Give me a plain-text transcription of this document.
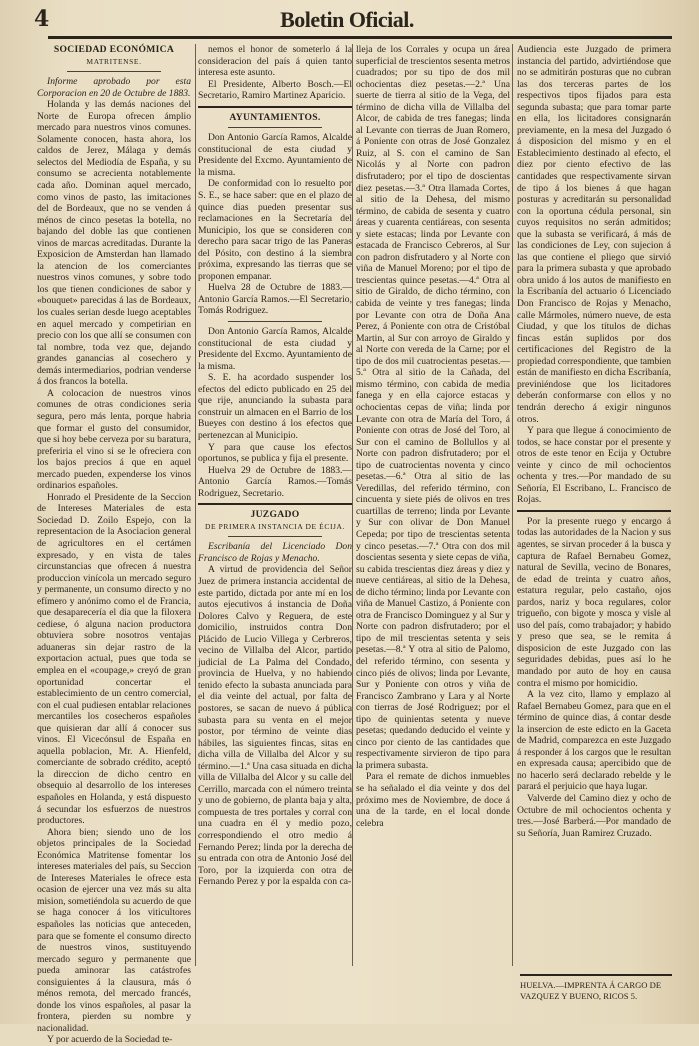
4	Boletin Oficial.

SOCIEDAD ECONÓMICA

MATRITENSE.

Informe aprobado por esta Corporacion en 20 de Octubre de 1883.

Holanda y las demás naciones del Norte de Europa ofrecen ámplio mercado para nuestros vinos comunes. Solamente conocen, hasta ahora, los caldos de Jerez, Málaga y demás selectos del Mediodía de España, y su consumo se acrecienta notablemente cada año. Dominan aquel mercado, como vinos de pasto, las imitaciones del de Bordeaux, que no se venden á ménos de cinco pesetas la botella, no bajando del doble las que contienen vinos de marcas acreditadas. Durante la Exposicion de Amsterdan han llamado la atencion de los comerciantes nuestros vinos comunes, y sobre todo los que tienen condiciones de sabor y «bouquet» parecidas á las de Bordeaux, los cuales serian desde luego aceptables en aquel mercado y competirian en precio con los que allí se consumen con tal nombre, toda vez que, dejando grandes ganancias al cosechero y demás intermediarios, podrian venderse á dos francos la botella.

A colocacion de nuestros vinos comunes de otras condiciones seria segura, pero más lenta, porque habria que formar el gusto del consumidor, que si hoy bebe cerveza por su baratura, preferiria el vino si se le ofreciera con los bajos precios á que en aquel mercado pueden, expenderse los vinos ordinarios españoles.

Honrado el Presidente de la Seccion de Intereses Materiales de esta Sociedad D. Zoilo Espejo, con la representacion de la Asociacion general de agricultores en el certámen expresado, y en vista de tales circunstancias que ofrecen á nuestra produccion vinícola un mercado seguro y permanente, un consumo directo y no efímero y anónimo como el de Francia, que desaparecería el dia que la filoxera cediese, ó alguna nacion productora obtuviera sobre nosotros ventajas aduaneras sin dejar rastro de la exportacion actual, pues que toda se emplea en el «coupage,» creyó de gran oportunidad concertar el establecimiento de un centro comercial, con el cual pudiesen entablar relaciones mercantiles los cosecheros españoles que quisieran dar allí á conocer sus vinos. El Vicecónsul de España en aquella poblacion, Mr. A. Hienfeld, comerciante de sobrado crédito, aceptó la direccion de dicho centro en obsequio al desarrollo de los intereses españoles en Holanda, y está dispuesto á secundar los esfuerzos de nuestros productores.

Ahora bien; siendo uno de los objetos principales de la Sociedad Económica Matritense fomentar los intereses materiales del país, su Seccion de Intereses Materiales le ofrece esta ocasion de ejercer una vez más su alta mision, sometiéndola su acuerdo de que se haga conocer á los viticultores españoles las noticias que anteceden, para que se fomente el consumo directo de nuestros vinos, sustituyendo mercado seguro y permanente que pueda aminorar las catástrofes consiguientes á la clausura, más ó ménos remota, del mercado francés, donde los vinos españoles, al pasar la frontera, pierden su nombre y nacionalidad.

Y por acuerdo de la Sociedad te-

nemos el honor de someterlo á la consideracion del país á quien tanto interesa este asunto.

El Presidente, Alberto Bosch.—El Secretario, Ramiro Martinez Aparicio.

AYUNTAMIENTOS.

Don Antonio García Ramos, Alcalde constitucional de esta ciudad y Presidente del Excmo. Ayuntamiento de la misma.

De conformidad con lo resuelto por S. E., se hace saber: que en el plazo de quince dias pueden presentar sus reclamaciones en la Secretaría del Municipio, los que se consideren con derecho para sacar trigo de las Paneras del Pósito, con destino á la siembra próxima, expresando las tierras que se proponen empanar.

Huelva 28 de Octubre de 1883.—Antonio García Ramos.—El Secretario, Tomás Rodriguez.

Don Antonio García Ramos, Alcalde constitucional de esta ciudad y Presidente del Excmo. Ayuntamiento de la misma.

S. E. ha acordado suspender los efectos del edicto publicado en 25 del que rije, anunciando la subasta para construir un almacen en el Barrio de los Bueyes con destino á los efectos que pertenezcan al Municipio.

Y para que cause los efectos oportunos, se publica y fija el presente.

Huelva 29 de Octubre de 1883.—Antonio García Ramos.—Tomás Rodriguez, Secretario.

JUZGADO

DE PRIMERA INSTANCIA DE ÉCIJA.

Escribanía del Licenciado Don Francisco de Rojas y Menacho.

A virtud de providencia del Señor Juez de primera instancia accidental de este partido, dictada por ante mí en los autos ejecutivos á instancia de Doña Dolores Calvo y Reguera, de este domicilio, instruidos contra Don Plácido de Lucio Villega y Cerbreros, vecino de Villalba del Alcor, partido judicial de La Palma del Condado, provincia de Huelva, y no habiendo tenido efecto la subasta anunciada para el dia veinte del actual, por falta de postores, se sacan de nuevo á pública subasta para su venta en el mejor postor, por término de veinte dias hábiles, las siguientes fincas, sitas en dicha villa de Villalba del Alcor y su término.—1.ª Una casa situada en dicha villa de Villalba del Alcor y su calle del Cerrillo, marcada con el número treinta y uno de gobierno, de planta baja y alta, compuesta de tres portales y corral con una cuadra en él y medio pozo, correspondiendo el otro medio á Fernando Perez; linda por la derecha de su entrada con otra de Antonio José del Toro, por la izquierda con otra de Fernando Perez y por la espalda con ca-

lleja de los Corrales y ocupa un área superficial de trescientos sesenta metros cuadrados; por su tipo de dos mil ochocientas diez pesetas.—2.ª Una suerte de tierra al sitio de la Vega, del término de dicha villa de Villalba del Alcor, de cabida de tres fanegas; linda al Levante con tierras de Juan Romero, á Poniente con otras de José Gonzalez Ruiz, al S. con el camino de San Nicolás y al Norte con padron disfrutadero; por el tipo de doscientas diez pesetas.—3.ª Otra llamada Cortes, al sitio de la Dehesa, del mismo término, de cabida de sesenta y cuatro áreas y cuarenta centiáreas, con sesenta y siete estacas; linda por Levante con estacada de Francisco Cebreros, al Sur con padron disfrutadero y al Norte con viña de Manuel Moreno; por el tipo de trescientas quince pesetas.—4.ª Otra al sitio de Giraldo, de dicho término, con cabida de veinte y tres fanegas; linda por Levante con otra de Doña Ana Perez, á Poniente con otra de Cristóbal Martin, al Sur con arroyo de Giraldo y al Norte con vereda de la Carne; por el tipo de dos mil cuatrocientas pesetas.—5.ª Otra al sitio de la Cañada, del mismo término, con cabida de media fanega y en ella cajorce estacas y ochocientas cepas de viña; linda por Levante con otra de María del Toro, á Poniente con otras de José del Toro, al Sur con el camino de Bollullos y al Norte con padron disfrutadero; por el tipo de cuatrocientas noventa y cinco pesetas.—6.ª Otra al sitio de las Veredillas, del referido término, con cincuenta y siete piés de olivos en tres cuartillas de terreno; linda por Levante y Sur con olivar de Don Manuel Cepeda; por tipo de trescientas setenta y cinco pesetas.—7.ª Otra con dos mil doscientas sesenta y siete cepas de viña, su cabida trescientas diez áreas y diez y nueve centiáreas, al sitio de la Dehesa, de dicho término; linda por Levante con viña de Manuel Castizo, á Poniente con otra de Francisco Dominguez y al Sur y Norte con padron disfrutadero; por el tipo de mil trescientas setenta y seis pesetas.—8.ª Y otra al sitio de Palomo, del referido término, con sesenta y cinco piés de olivos; linda por Levante, Sur y Poniente con otros y viña de Francisco Zambrano y Lara y al Norte con tierras de José Rodriguez; por el tipo de quinientas setenta y nueve pesetas; quedando deducido el veinte y cinco por ciento de las cantidades que respectivamente sirvieron de tipo para la primera subasta.

Para el remate de dichos inmuebles se ha señalado el dia veinte y dos del próximo mes de Noviembre, de doce á una de la tarde, en el local donde celebra

Audiencia este Juzgado de primera instancia del partido, advirtiéndose que no se admitirán posturas que no cubran las dos terceras partes de los respectivos tipos fijados para esta segunda subasta; que para tomar parte en ella, los licitadores consignarán previamente, en la mesa del Juzgado ó á disposicion del mismo y en el Establecimiento destinado al efecto, el diez por ciento efectivo de las cantidades que respectivamente sirvan de tipo á los bienes á que hagan posturas y acreditarán su personalidad con la oportuna cédula personal, sin cuyos requisitos no serán admitidos; que la subasta se verificará, á más de las condiciones de Ley, con sujecion á las que contiene el pliego que sirvió para la primera subasta y que aprobado obra unido á los autos de manifiesto en la Escribanía del actuario ó Licenciado Don Francisco de Rojas y Menacho, calle Mármoles, número nueve, de esta Ciudad, y que los títulos de dichas fincas están suplidos por dos certificaciones del Registro de la propiedad correspondiente, que tambien están de manifiesto en dicha Escribanía, previniéndose que los licitadores deberán conformarse con ellos y no tendrán derecho á exigir ningunos otros.

Y para que llegue á conocimiento de todos, se hace constar por el presente y otros de este tenor en Ecija y Octubre veinte y cinco de mil ochocientos ochenta y tres.—Por mandado de su Señoría, El Escribano, L. Francisco de Rojas.

Por la presente ruego y encargo á todas las autoridades de la Nacion y sus agentes, se sirvan proceder á la busca y captura de Rafael Bernabeu Gomez, natural de Sevilla, vecino de Bonares, de edad de treinta y cuatro años, estatura regular, pelo castaño, ojos pardos, nariz y boca regulares, color trigueño, con bigote y mosca y visle al uso del país, como trabajador; y habido y preso que sea, se le remita á disposicion de este Juzgado con las seguridades debidas, pues así lo he mandado por auto de hoy en causa contra el mismo por homicidio.

A la vez cito, llamo y emplazo al Rafael Bernabeu Gomez, para que en el término de quince dias, á contar desde la insercion de este edicto en la Gaceta de Madrid, comparezca en este Juzgado á responder á los cargos que le resultan en expresada causa; apercibido que de no hacerlo será declarado rebelde y le parará el perjuicio que haya lugar.

Valverde del Camino diez y ocho de Octubre de mil ochocientos ochenta y tres.—José Barberá.—Por mandado de su Señoría, Juan Ramirez Cruzado.

HUELVA.—IMPRENTA Á CARGO DE VAZQUEZ Y BUENO, RICOS 5.
